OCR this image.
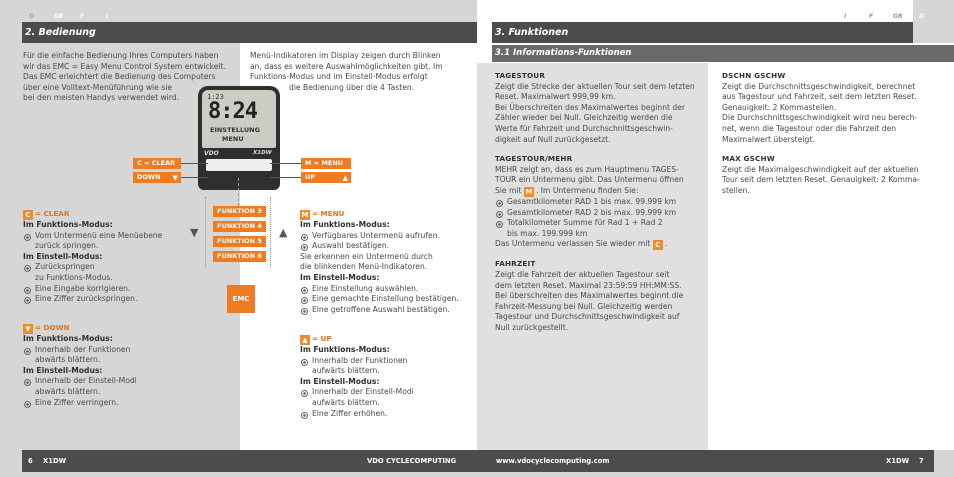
D	GB	F	I	I	F	GB	D
2. Bedienung	3. Funktionen
3.1 Informations-Funktionen
Für die einfache Bedienung Ihres Computers haben
wir das EMC = Easy Menu Control System entwickelt.
Das EMC erleichtert die Bedienung des Computers
über eine Volltext-Menüführung wie sie
bei den meisten Handys verwendet wird.
Menü-Indikatoren im Display zeigen durch Blinken
an, dass es weitere Auswahlmöglichkeiten gibt. Im
Funktions-Modus und im Einstell-Modus erfolgt
die Bedienung über die 4 Tasten.
1:23
8:24
EINSTELLUNG
MENU
VDO	X1DW
C = CLEAR
DOWN ▼
M = MENU
UP	▲
FUNKTION 3
FUNKTION 4
FUNKTION 5
FUNKTION 6
▼	▲
EMC
C = CLEAR
Im Funktions-Modus:
Vom Untermenü eine Menüebene
zurück springen.
Im Einstell-Modus:
Zurückspringen
zu Funktions-Modus.
Eine Eingabe korrigieren.
Eine Ziffer zurückspringen.
▼ = DOWN
Im Funktions-Modus:
Innerhalb der Funktionen
abwärts blättern.
Im Einstell-Modus:
Innerhalb der Einstell-Modi
abwärts blättern.
Eine Ziffer verringern.
M = MENU
Im Funktions-Modus:
Verfügbares Untermenü aufrufen.
Auswahl bestätigen.
Sie erkennen ein Untermenü durch
die blinkenden Menü-Indikatoren.
Im Einstell-Modus:
Eine Einstellung auswählen.
Eine gemachte Einstellung bestätigen.
Eine getroffene Auswahl bestätigen.
▲ = UP
Im Funktions-Modus:
Innerhalb der Funktionen
aufwärts blättern.
Im Einstell-Modus:
Innerhalb der Einstell-Modi
aufwärts blättern.
Eine Ziffer erhöhen.
TAGESTOUR
Zeigt die Strecke der aktuellen Tour seit dem letzten
Reset. Maximalwert 999,99 km.
Bei Überschreiten des Maximalwertes beginnt der
Zähler wieder bei Null. Gleichzeitig werden die
Werte für Fahrzeit und Durchschnittsgeschwin-
digkeit auf Null zurückgesetzt.
TAGESTOUR/MEHR
MEHR zeigt an, dass es zum Hauptmenu TAGES-
TOUR ein Untermenu gibt. Das Untermenu öffnen
Sie mit M . Im Untermenu finden Sie:
Gesamtkilometer RAD 1 bis max. 99.999 km
Gesamtkilometer RAD 2 bis max. 99.999 km
Totalkilometer Summe für Rad 1 + Rad 2
bis max. 199.999 km
Das Untermenu verlassen Sie wieder mit C .
FAHRZEIT
Zeigt die Fahrzeit der aktuellen Tagestour seit
dem letzten Reset. Maximal 23:59:59 HH:MM:SS.
Bei überschreiten des Maximalwertes beginnt die
Fahrzeit-Messung bei Null. Gleichzeitig werden
Tagestour und Durchschnittsgeschwindigkeit auf
Null zurückgestellt.
DSCHN GSCHW
Zeigt die Durchschnittsgeschwindigkeit, berechnet
aus Tagestour und Fahrzeit, seit dem letzten Reset.
Genauigkeit: 2 Kommastellen.
Die Durchschnittsgeschwindigkeit wird neu berech-
net, wenn die Tagestour oder die Fahrzeit den
Maximalwert übersteigt.
MAX GSCHW
Zeigt die Maximalgeschwindigkeit auf der aktuellen
Tour seit dem letzten Reset. Genauigkeit: 2 Komma-
stellen.
6 X1DW	VDO CYCLECOMPUTING	www.vdocyclecomputing.com	X1DW 7
